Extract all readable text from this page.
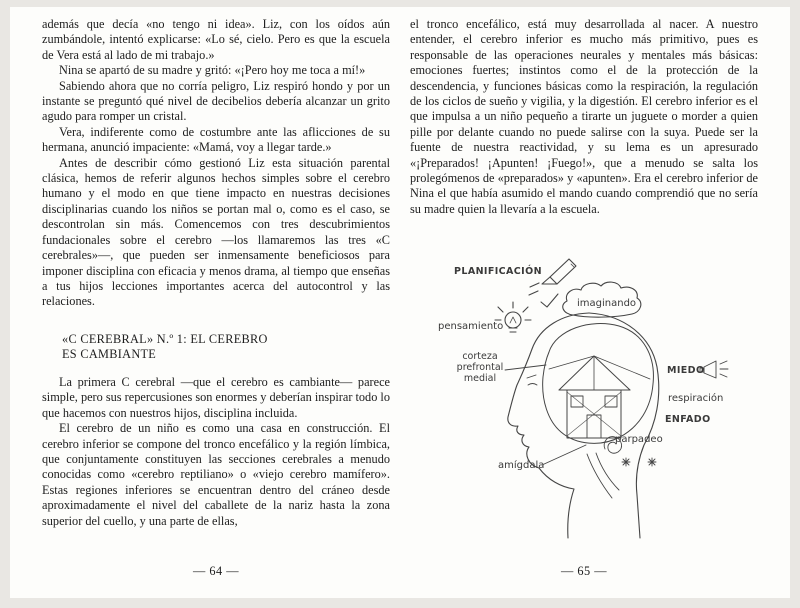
además que decía «no tengo ni idea». Liz, con los oídos aún zumbándole, intentó explicarse: «Lo sé, cielo. Pero es que la escuela de Vera está al lado de mi trabajo.»

Nina se apartó de su madre y gritó: «¡Pero hoy me toca a mí!»

Sabiendo ahora que no corría peligro, Liz respiró hondo y por un instante se preguntó qué nivel de decibelios debería alcanzar un grito agudo para romper un cristal.

Vera, indiferente como de costumbre ante las aflicciones de su hermana, anunció impaciente: «Mamá, voy a llegar tarde.»

Antes de describir cómo gestionó Liz esta situación parental clásica, hemos de referir algunos hechos simples sobre el cerebro humano y el modo en que tiene impacto en nuestras decisiones disciplinarias cuando los niños se portan mal o, como es el caso, se descontrolan sin más. Comencemos con tres descubrimientos fundacionales sobre el cerebro —los llamaremos las tres «C cerebrales»—, que pueden ser inmensamente beneficiosos para imponer disciplina con eficacia y menos drama, al tiempo que enseñas a tus hijos lecciones importantes acerca del autocontrol y las relaciones.

«C CEREBRAL» N.º 1: EL CEREBRO
ES CAMBIANTE

La primera C cerebral —que el cerebro es cambiante— parece simple, pero sus repercusiones son enormes y deberían inspirar todo lo que hacemos con nuestros hijos, disciplina incluida.

El cerebro de un niño es como una casa en construcción. El cerebro inferior se compone del tronco encefálico y la región límbica, que conjuntamente constituyen las secciones cerebrales a menudo conocidas como «cerebro reptiliano» o «viejo cerebro mamífero». Estas regiones inferiores se encuentran dentro del cráneo desde aproximadamente el nivel del caballete de la nariz hasta la zona superior del cuello, y una parte de ellas,

— 64 —

el tronco encefálico, está muy desarrollada al nacer. A nuestro entender, el cerebro inferior es mucho más primitivo, pues es responsable de las operaciones neurales y mentales más básicas: emociones fuertes; instintos como el de la protección de la descendencia, y funciones básicas como la respiración, la regulación de los ciclos de sueño y vigilia, y la digestión. El cerebro inferior es el que impulsa a un niño pequeño a tirarte un juguete o morder a quien pille por delante cuando no puede salirse con la suya. Puede ser la fuente de nuestra reactividad, y su lema es un apresurado «¡Preparados! ¡Apunten! ¡Fuego!», que a menudo se salta los prolegómenos de «preparados» y «apunten». Era el cerebro inferior de Nina el que había asumido el mando cuando comprendió que no sería su madre quien la llevaría a la escuela.

PLANIFICACIÓN
imaginando
pensamiento
corteza
prefrontal
medial
MIEDO
respiración
ENFADO
parpadeo
amígdala
— 65 —
